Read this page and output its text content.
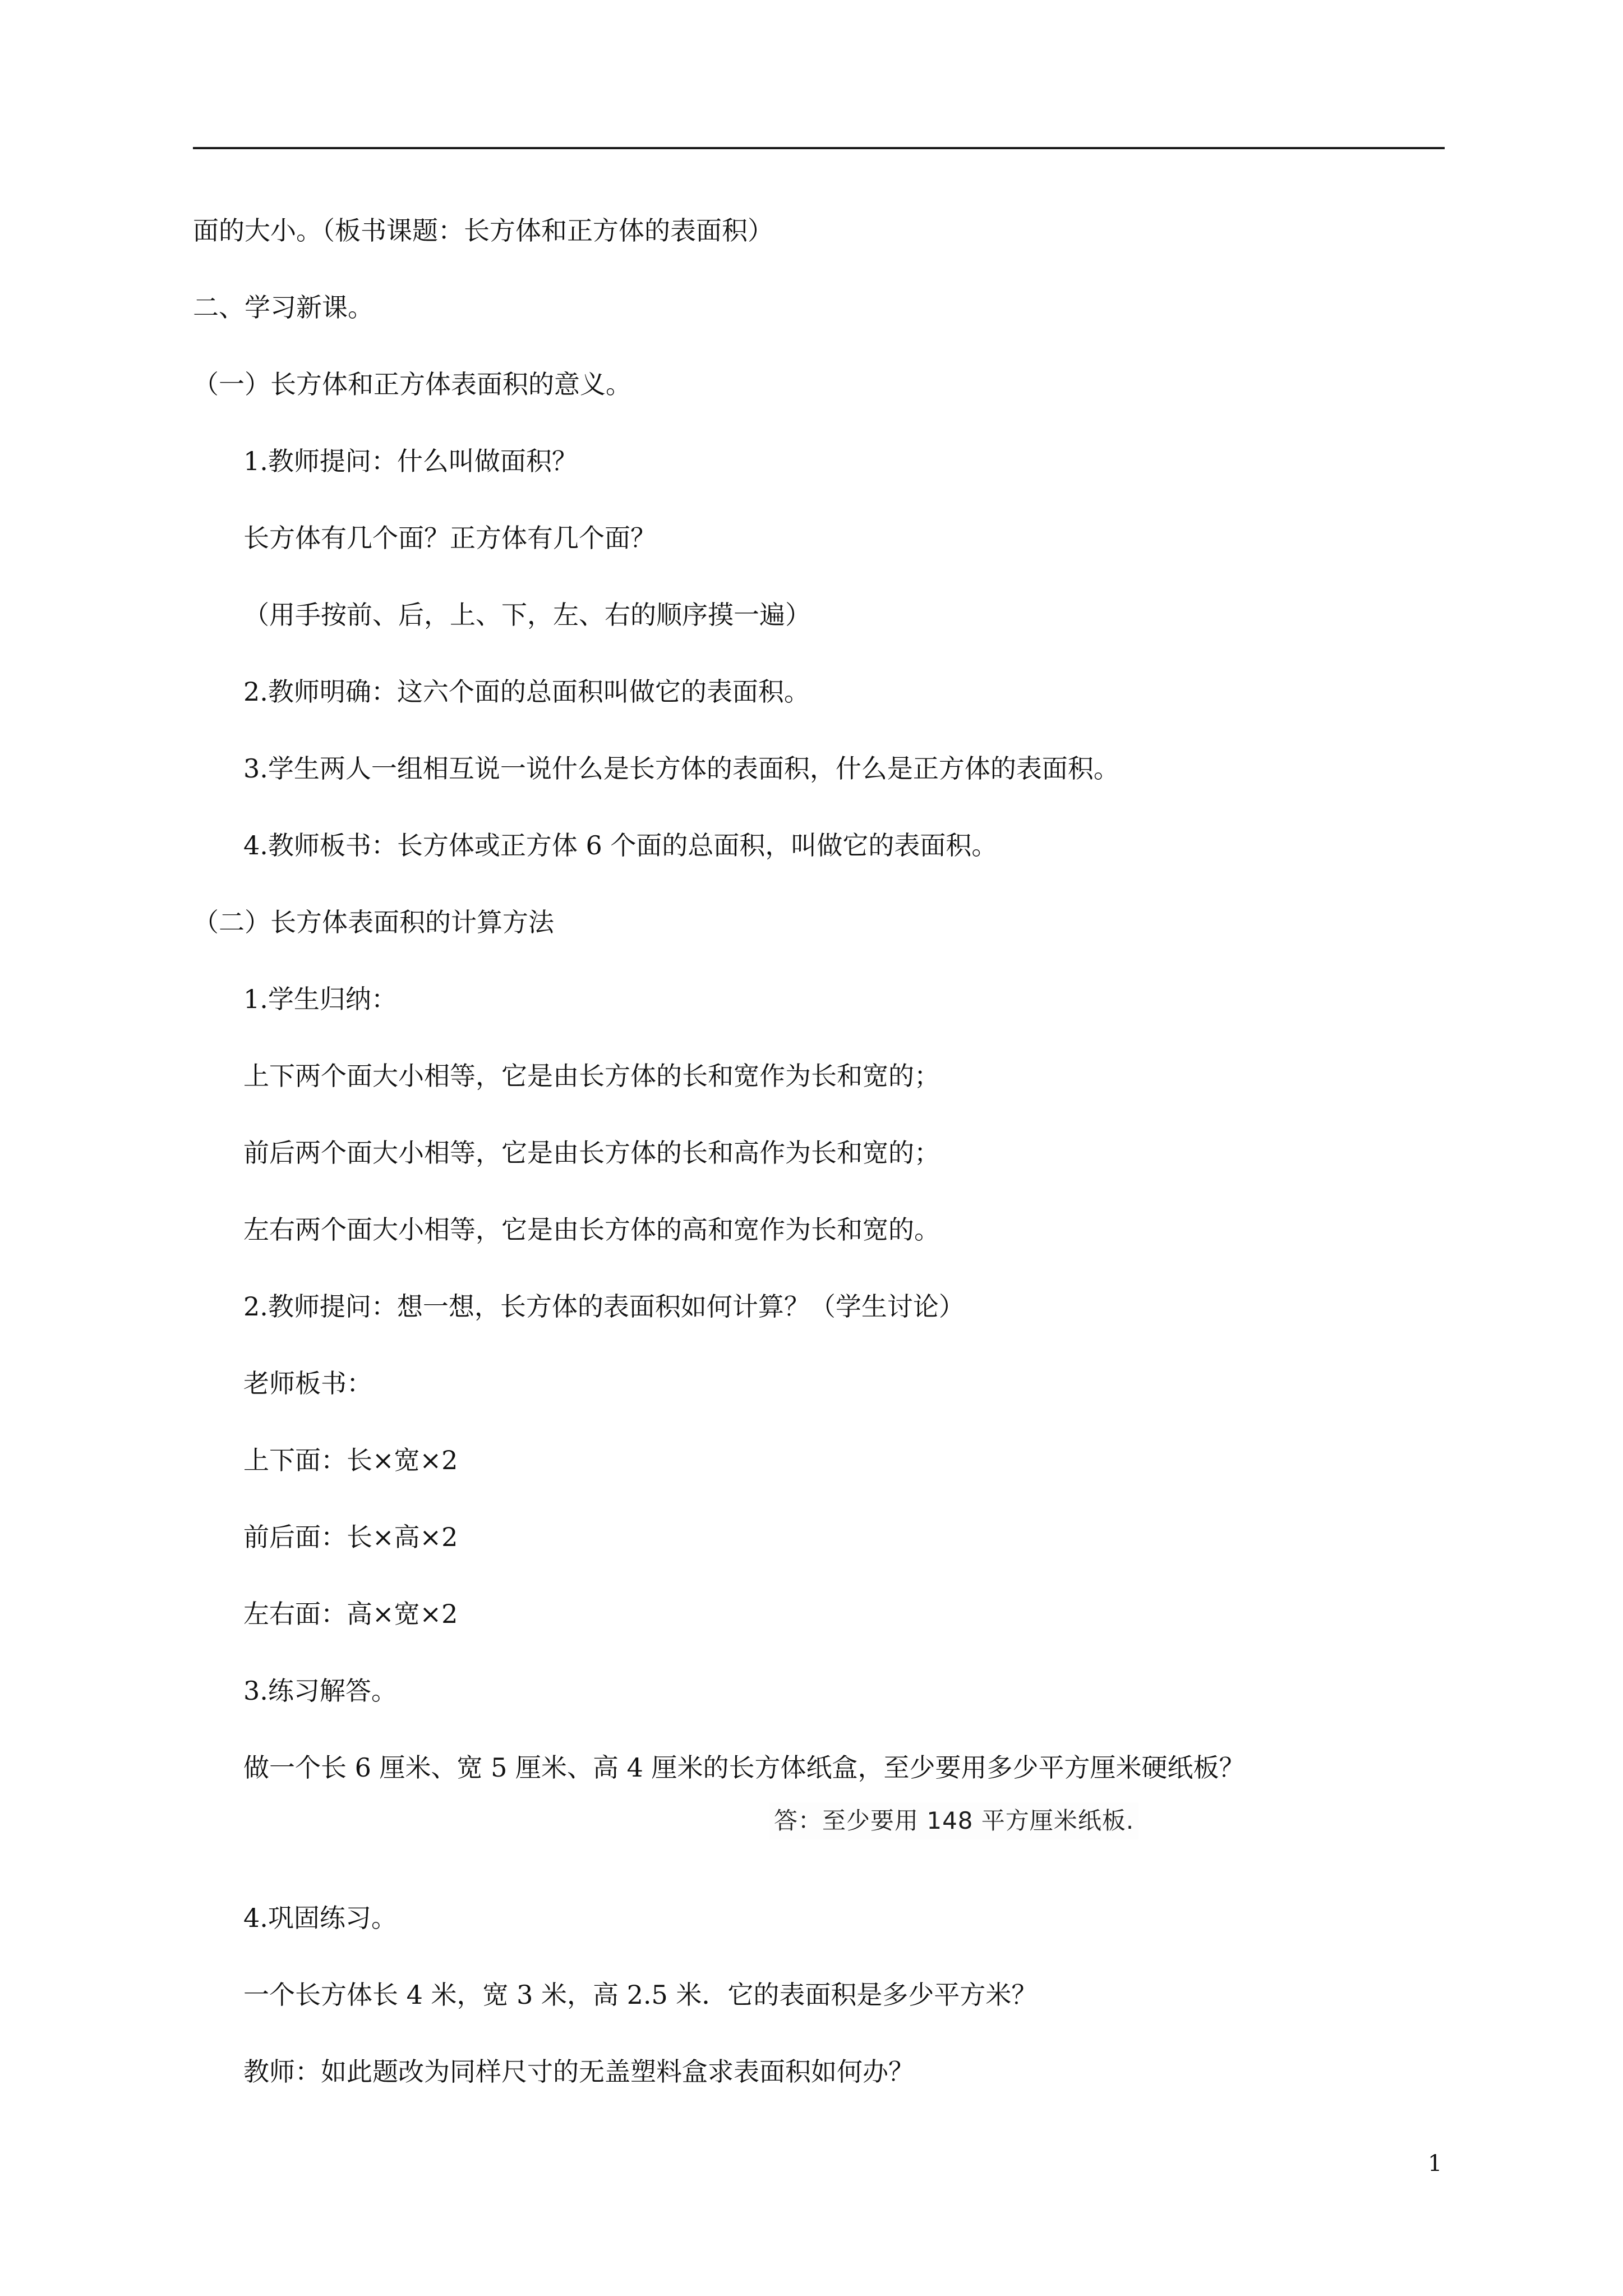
面的大小。（板书课题：长方体和正方体的表面积）
二、学习新课。
（一）长方体和正方体表面积的意义。
1.教师提问：什么叫做面积？
长方体有几个面？正方体有几个面？
（用手按前、后，上、下，左、右的顺序摸一遍）
2.教师明确：这六个面的总面积叫做它的表面积。
3.学生两人一组相互说一说什么是长方体的表面积，什么是正方体的表面积。
4.教师板书：长方体或正方体 6 个面的总面积，叫做它的表面积。
（二）长方体表面积的计算方法
1.学生归纳：
上下两个面大小相等，它是由长方体的长和宽作为长和宽的；
前后两个面大小相等，它是由长方体的长和高作为长和宽的；
左右两个面大小相等，它是由长方体的高和宽作为长和宽的。
2.教师提问：想一想，长方体的表面积如何计算？（学生讨论）
老师板书：
上下面：长×宽×2
前后面：长×高×2
左右面：高×宽×2
3.练习解答。
做一个长 6 厘米、宽 5 厘米、高 4 厘米的长方体纸盒，至少要用多少平方厘米硬纸板？
答：至少要用 148 平方厘米纸板.
4.巩固练习。
一个长方体长 4 米，宽 3 米，高 2.5 米．它的表面积是多少平方米？
教师：如此题改为同样尺寸的无盖塑料盒求表面积如何办？
1
